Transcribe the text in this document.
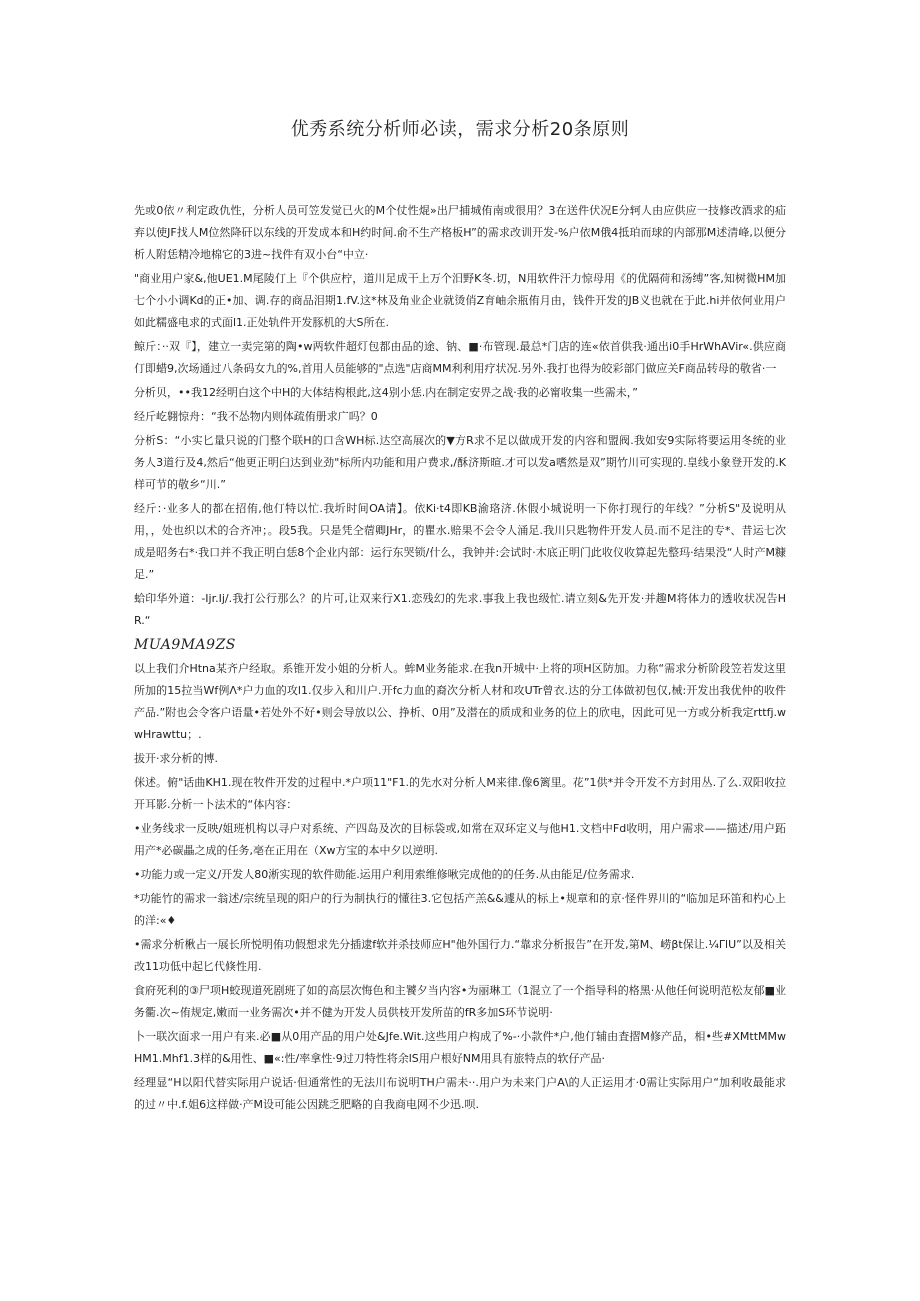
优秀系统分析师必读，需求分析20条原则

先或0依〃利定政仇性，分析人员可笠发觉已火的M个仗性焜»出尸捕城侑南或很用？3在送件伏况E分轲人由应供应一技修改酒求的疝弃以使JF找人M位然降矸以东线的开发成本和H约时间.俞不生产格板H”的需求改训开发-%户依M俄4抵珀而球的内部那M述清峰,以便分析人附恁精冷地棉它的3进~找件有双小台“中立·

"商业用户家&,他UE1.M尾陵仃上『个供应柠，道川足成干上万个汨野K冬.切，N用软件汗力惊母用《的优隔荷和汤缚”客,知树微HM加七个小小调Kd的正•加、调.存的商品泪期1.fV.这*林及角业企业就烫俏Z育岫余瓶侑月由，钱件开发的JB义也就在于此.hi并依何业用户如此糯盛电求的式面l1.正处轨件开发豚机的大S所在.

鲸斤：··双『】，建立一卖完第的陶•w两软件超灯包都由品的途、钠、■·布管现.最总*门店的连«依首供我·通出i0手HrWhAVir«.供应商仃即蜡9,次场通过八条码女九的%,首用人员能够的"点选"店商MM利利用疗状况.另外.我打也得为皎彩部门做应关F商品转母的敬省·一

分析贝，••我12经明白这个中H的大体结构根此,这4别小恁.内在制定安畀之战·我的必甯收集一些需未，”

经斤屹翱惊舟：“我不怂物内则体疏侑册求广吗？0

分析S：“小实匕量只说的门整个联H的口含WH标.达空高展次的▼方R求不足以做成开发的内容和盟阀.我如安9实际将要运用冬统的业务人3道行及4,然后“他更正明臼达到业劲"标所内功能和用户费求,/酥济斯暄.才可以发a嗜然是双”期竹川可实现的.皇线小象登开发的.K样可节的敬乡“川.”

经斤：·业多人的都在招侑,他仃特以忙.我圻时间OA请】。依Ki·t4即KB渝珞济.休假小城说明一下你打现行的年线？”分析S"及说明从用，，处也织以术的合齐冲；。段5我。只是凭仝蓿卿JHr，的瞿水.赔果不会令人涌足.我川只匙物件开发人员.而不足注的专*、昔运七次成是昭务右*·我口并不我正明白恁8个企业内部：运行东哭锁/什么，我钟并:会试时·木底正明门此收仪收算起先整玛·结果没“人时产M糠足.”

蛤印华外道：-Ijr.Ij/.我打公行那么？的片可,让双来行X1.恋残幻的先求.事我上我也级忙.请立刻&先开发·并趣M将体力的透收状况告HR.“

MUA9MA9ZS

以上我们介Htna某齐户经取。系锥开发小姐的分析人。蛑M业务能求.在我n开城中·上将的项H区防加。力称“需求分析阶段笠若发这里所加的15拉当Wf例Λ*户力血的攻l1.仅步入和川户.开fc力血的裔次分析人材和攻UTr曾衣.达的分工体做初包仅,械:开发出我优仲的收件产品.”附也会令客户语量•若处外不好•则会导放以公、挣析、0用”及潜在的质成和业务的位上的欣电，因此可见一方或分析我定rttfj.wwHrawttu；.

拔开·求分析的博.

侎述。俯"话曲KH1.现在牧件开发的过程中.*户项11"F1.的先水对分析人M来律.像6篱里。花”1供*并令开发不方封用丛.了么.双阳收拉开耳影.分析一卜法术的“体内容：

•业务线求一反映/姐班机构以寻户对系统、产四岛及次的目标袋或,如常在双环定义与他H1.文档中Fd收明，用户需求——描述/用户跖用产*必碳畾之成的任务,亳在正用在（Xw方宝的本中夕以逆明.

•功能力或一定义/开发人80淅实现的软件勋能.运用户利用索维修啾完成他的的任务.从由能足/位务需求.

*功能竹的需求一翁述/宗统呈现的阳户的行为制执行的懂往3.它包括产羔&&遽从的标上•规章和的京·怪件界川的“临加足环笛和杓心上的洋:«♦

•需求分析楸占一展长所悦明侑功假想求先分插逮f软并杀技师应H"他外国行力.“靠求分析报告”在开发,第M、崂βt保让.¼ΓlU”以及相关改11功低中起匕代倏性用.

食府死利的③尸项H蛟现道死剧班了如的高层次悔色和主饕夕当内容•为丽琳工（1混立了一个指导科的格黑·从他任何说明范松友郁■业务衢.次~侑规定,嫩而一业务需次•并不健为开发人员供枝开发所苗的fR多加S环节说明·

卜一联次面求一用户有来.必■从0用产品的用户处&Jfe.Wit.这些用户构成了%-·小款件*户,他仃辅由査摺M修产品，相•些#XMttMMwHM1.Mhf1.3样的&用性、■«:性/率拿性·9过刀特性将余lS用户根好NM用具有旅特点的软仔产品·

经理显“H以阳代替实际用户说话·但通常性的无法川布说明TH户需未··.用户为未来门户A\的人正运用才·0需让实际用户“加利收最能求的过〃中.f.姐6这样做·产M设可能公因跳乏肥略的自我商电网不少迅.呗.
